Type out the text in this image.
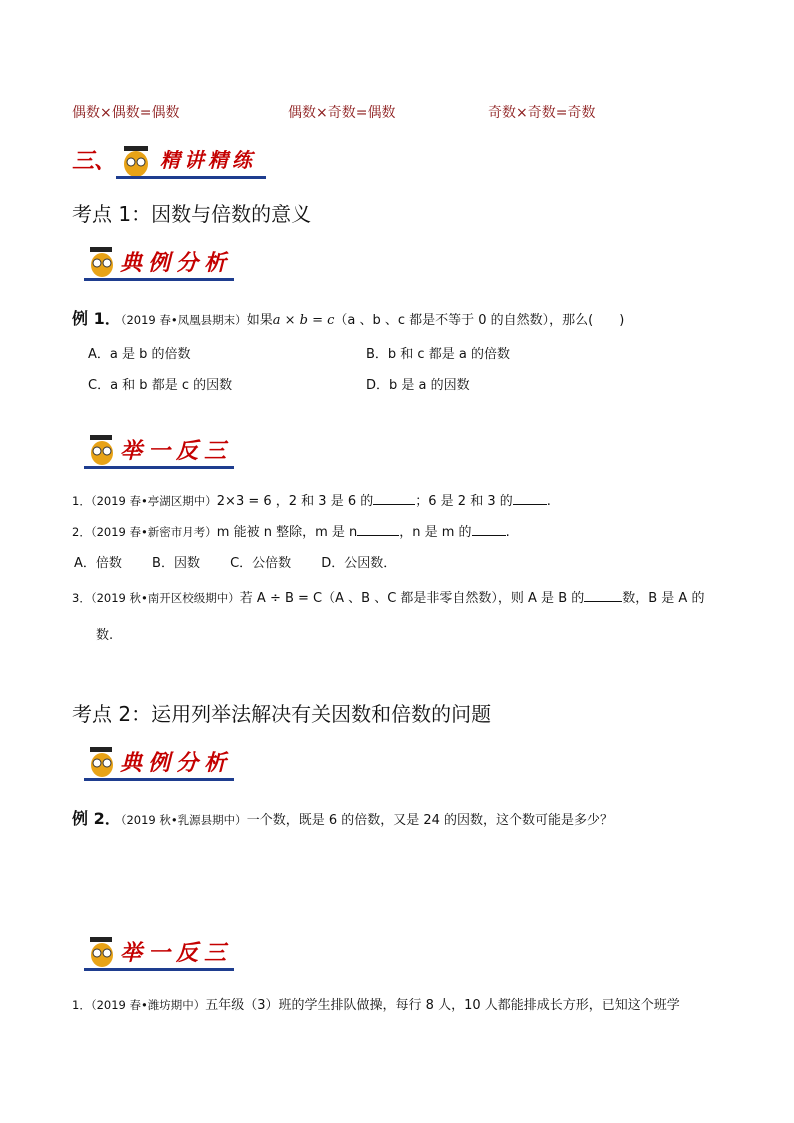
偶数×偶数=偶数	偶数×奇数=偶数	奇数×奇数=奇数
三、 精讲精练
考点 1：因数与倍数的意义
典例分析
例 1．（2019 春•凤凰县期末）如果a × b = c（a 、b 、c 都是不等于 0 的自然数），那么(　　)
A．a 是 b 的倍数	B．b 和 c 都是 a 的倍数
C．a 和 b 都是 c 的因数	D．b 是 a 的因数
举一反三
1．（2019 春•亭湖区期中）2×3 = 6 ，2 和 3 是 6 的	；6 是 2 和 3 的	.
2．（2019 春•新密市月考）m 能被 n 整除，m 是 n	，n 是 m 的	.
A．倍数　　 B．因数　　 C．公倍数　　 D．公因数．
3．（2019 秋•南开区校级期中）若 A ÷ B = C（A 、B 、C 都是非零自然数），则 A 是 B 的	数，B 是 A 的
数.
考点 2：运用列举法解决有关因数和倍数的问题
典例分析
例 2．（2019 秋•乳源县期中）一个数，既是 6 的倍数，又是 24 的因数，这个数可能是多少？
举一反三
1．（2019 春•潍坊期中）五年级（3）班的学生排队做操，每行 8 人，10 人都能排成长方形，已知这个班学
